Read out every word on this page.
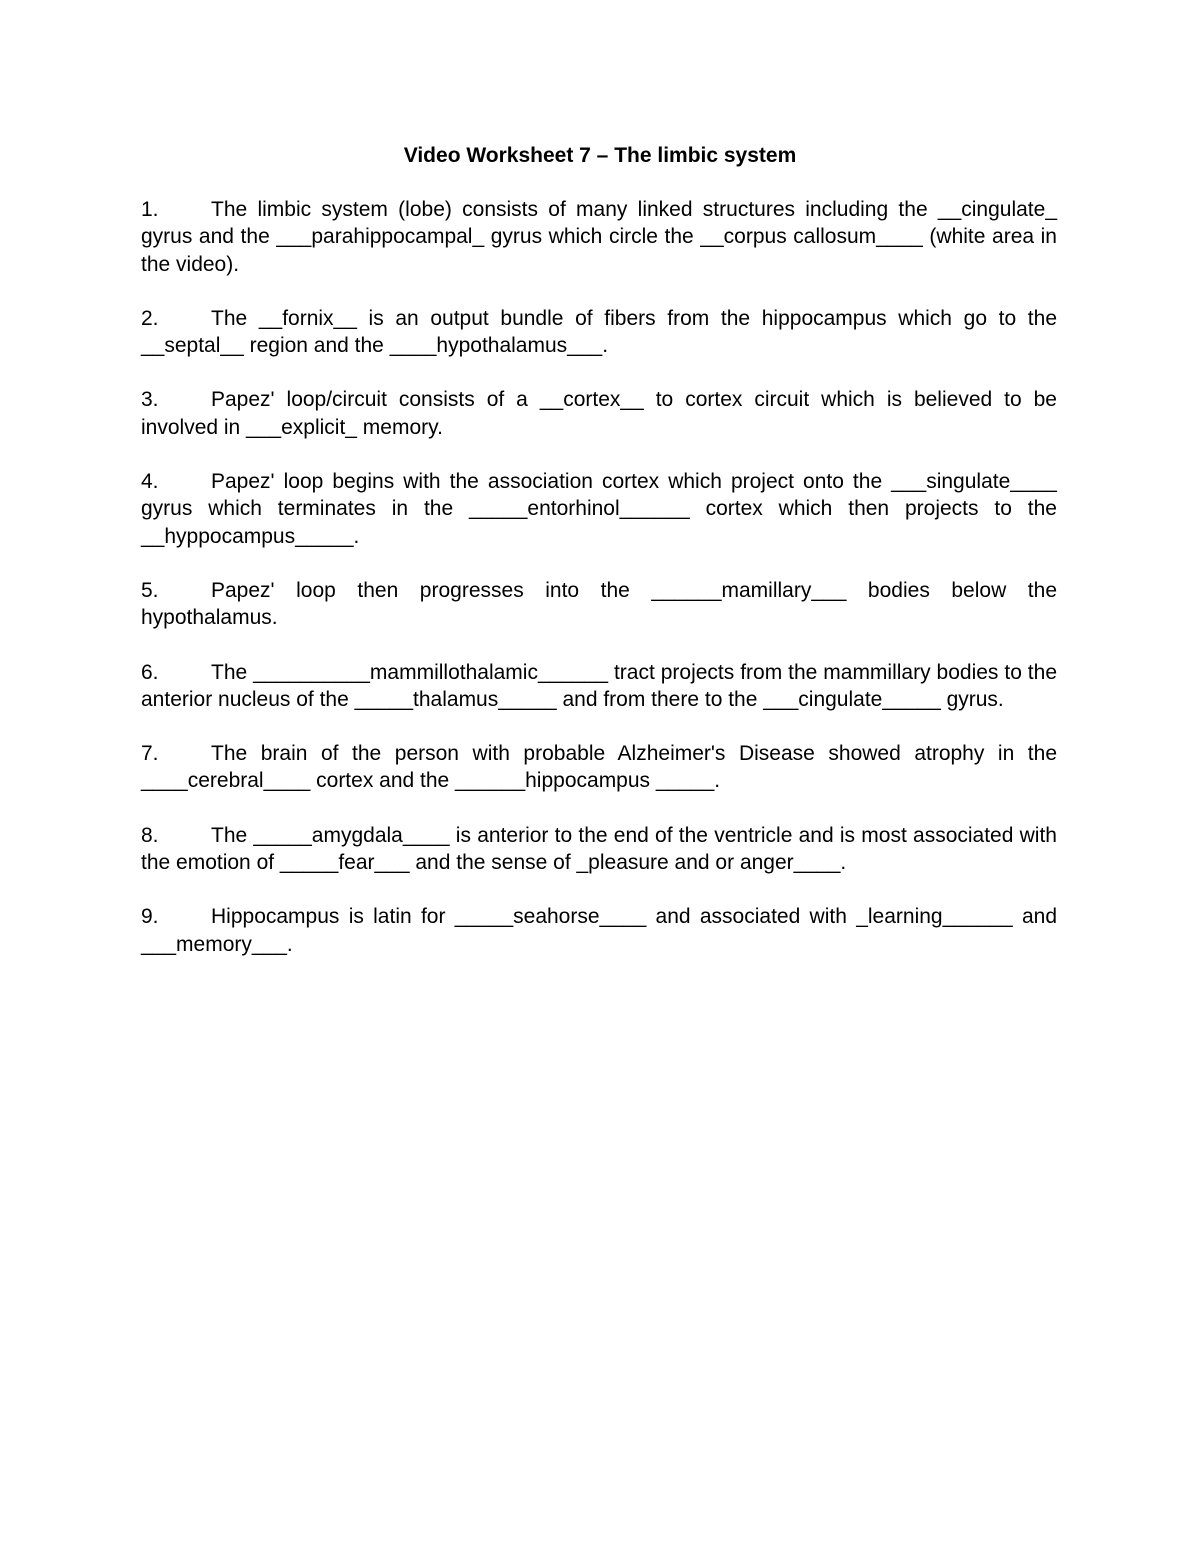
Video Worksheet 7 – The limbic system
1. The limbic system (lobe) consists of many linked structures including the __cingulate_ gyrus and the ___parahippocampal_ gyrus which circle the __corpus callosum____ (white area in the video).
2. The __fornix__ is an output bundle of fibers from the hippocampus which go to the __septal__ region and the ____hypothalamus___.
3. Papez' loop/circuit consists of a __cortex__ to cortex circuit which is believed to be involved in ___explicit_ memory.
4. Papez' loop begins with the association cortex which project onto the ___singulate____ gyrus which terminates in the _____entorhinol______ cortex which then projects to the __hyppocampus_____.
5. Papez' loop then progresses into the ______mamillary___ bodies below the hypothalamus.
6. The __________mammillothalamic______ tract projects from the mammillary bodies to the anterior nucleus of the _____thalamus_____ and from there to the ___cingulate_____ gyrus.
7. The brain of the person with probable Alzheimer's Disease showed atrophy in the ____cerebral____ cortex and the ______hippocampus _____.
8. The _____amygdala____ is anterior to the end of the ventricle and is most associated with the emotion of _____fear___ and the sense of _pleasure and or anger____.
9. Hippocampus is latin for _____seahorse____ and associated with _learning______ and ___memory___.
